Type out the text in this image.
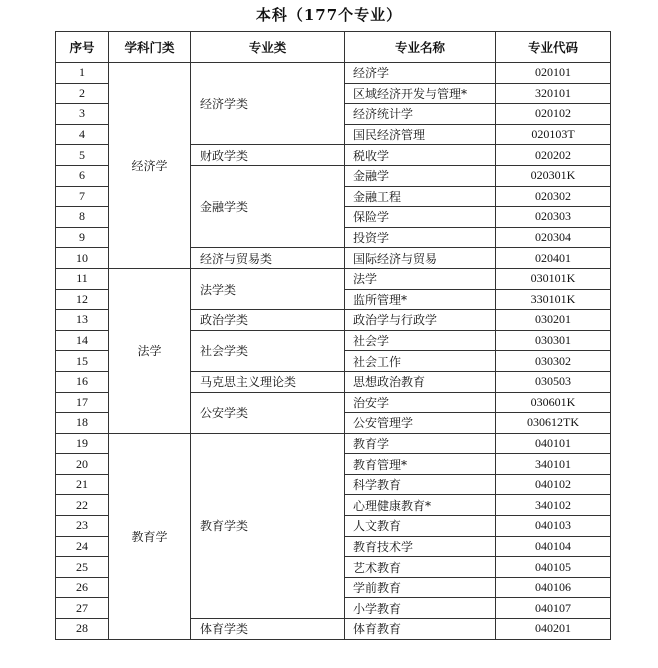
本科（177个专业）
序号	学科门类	专业类	专业名称	专业代码
1	经济学	经济学类	经济学	020101
2			区域经济开发与管理*	320101
3			经济统计学	020102
4			国民经济管理	020103T
5		财政学类	税收学	020202
6		金融学类	金融学	020301K
7			金融工程	020302
8			保险学	020303
9			投资学	020304
10		经济与贸易类	国际经济与贸易	020401
11	法学	法学类	法学	030101K
12			监所管理*	330101K
13		政治学类	政治学与行政学	030201
14		社会学类	社会学	030301
15			社会工作	030302
16		马克思主义理论类	思想政治教育	030503
17		公安学类	治安学	030601K
18			公安管理学	030612TK
19	教育学	教育学类	教育学	040101
20			教育管理*	340101
21			科学教育	040102
22			心理健康教育*	340102
23			人文教育	040103
24			教育技术学	040104
25			艺术教育	040105
26			学前教育	040106
27			小学教育	040107
28		体育学类	体育教育	040201
